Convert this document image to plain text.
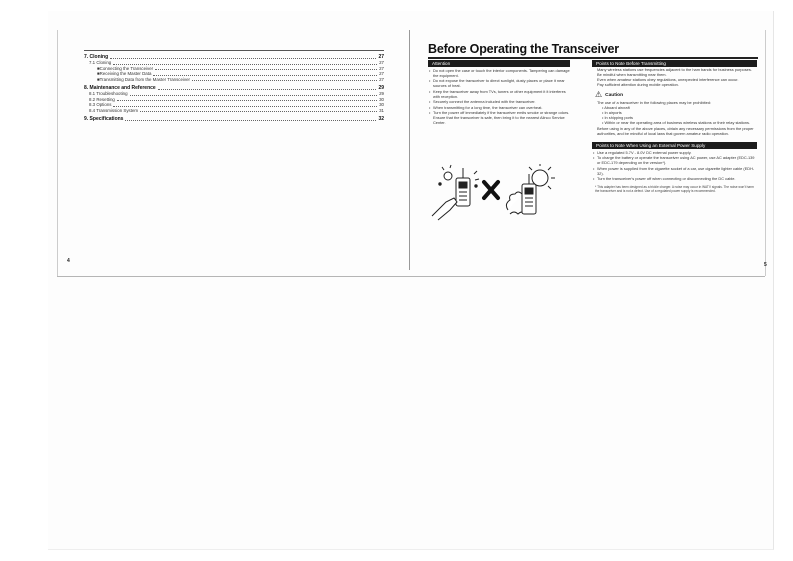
7. Cloning	27
7.1 Cloning	27
■Connecting the Transceiver	27
■Receiving the Master Data	27
■Transmitting Data from the Master Transceiver	27
8. Maintenance and Reference	29
8.1 Troubleshooting	29
8.2 Resetting	30
8.3 Options	30
8.4 Transmission System	31
9. Specifications	32
4
Before Operating the Transceiver
Attention
• Do not open the case or touch the interior components. Tampering can damage the equipment.
• Do not expose the transceiver to direct sunlight, dusty places or place it near sources of heat.
• Keep the transceiver away from TVs, tuners or other equipment it it interferes with reception.
• Securely connect the antenna included with the transceiver.
• When transmitting for a long time, the transceiver can overheat.
• Turn the power off immediately if the transceiver emits smoke or strange odors.
Ensure that the transceiver is safe, then bring it to the nearest Alinco Service Center.
Points to Note Before Transmitting
Many wireless stations use frequencies adjacent to the ham bands for business purposes.
Be mindful when transmitting near them.
Even when amateur stations obey regulations, unexpected interference can occur.
Pay sufficient attention during mobile operation.
⚠ Caution
The use of a transceiver in the following places may be prohibited:
• Aboard aircraft
• In airports
• In shipping ports
• Within or near the operating area of business wireless stations or their relay stations.
Before using in any of the above places, obtain any necessary permissions from the proper authorities, and be mindful of local laws that govern amateur radio operation.
Points to Note When Using an External Power Supply
• Use a regulated 5.7V - 8.0V DC external power supply.
• To charge the battery or operate the transceiver using AC power, use AC adapter (EDC-139 or EDC-179 depending on the version*).
• When power is supplied from the cigarette socket of a car, use cigarette lighter cable (EDH-32).
• Turn the transceiver's power off when connecting or disconnecting the DC cable.
* This adapter has been designed as a trickle charger. A noise may occur in WATV signals. The noise won't harm the transceiver and is not a defect. Use of a regulated power supply is recommended.
5
